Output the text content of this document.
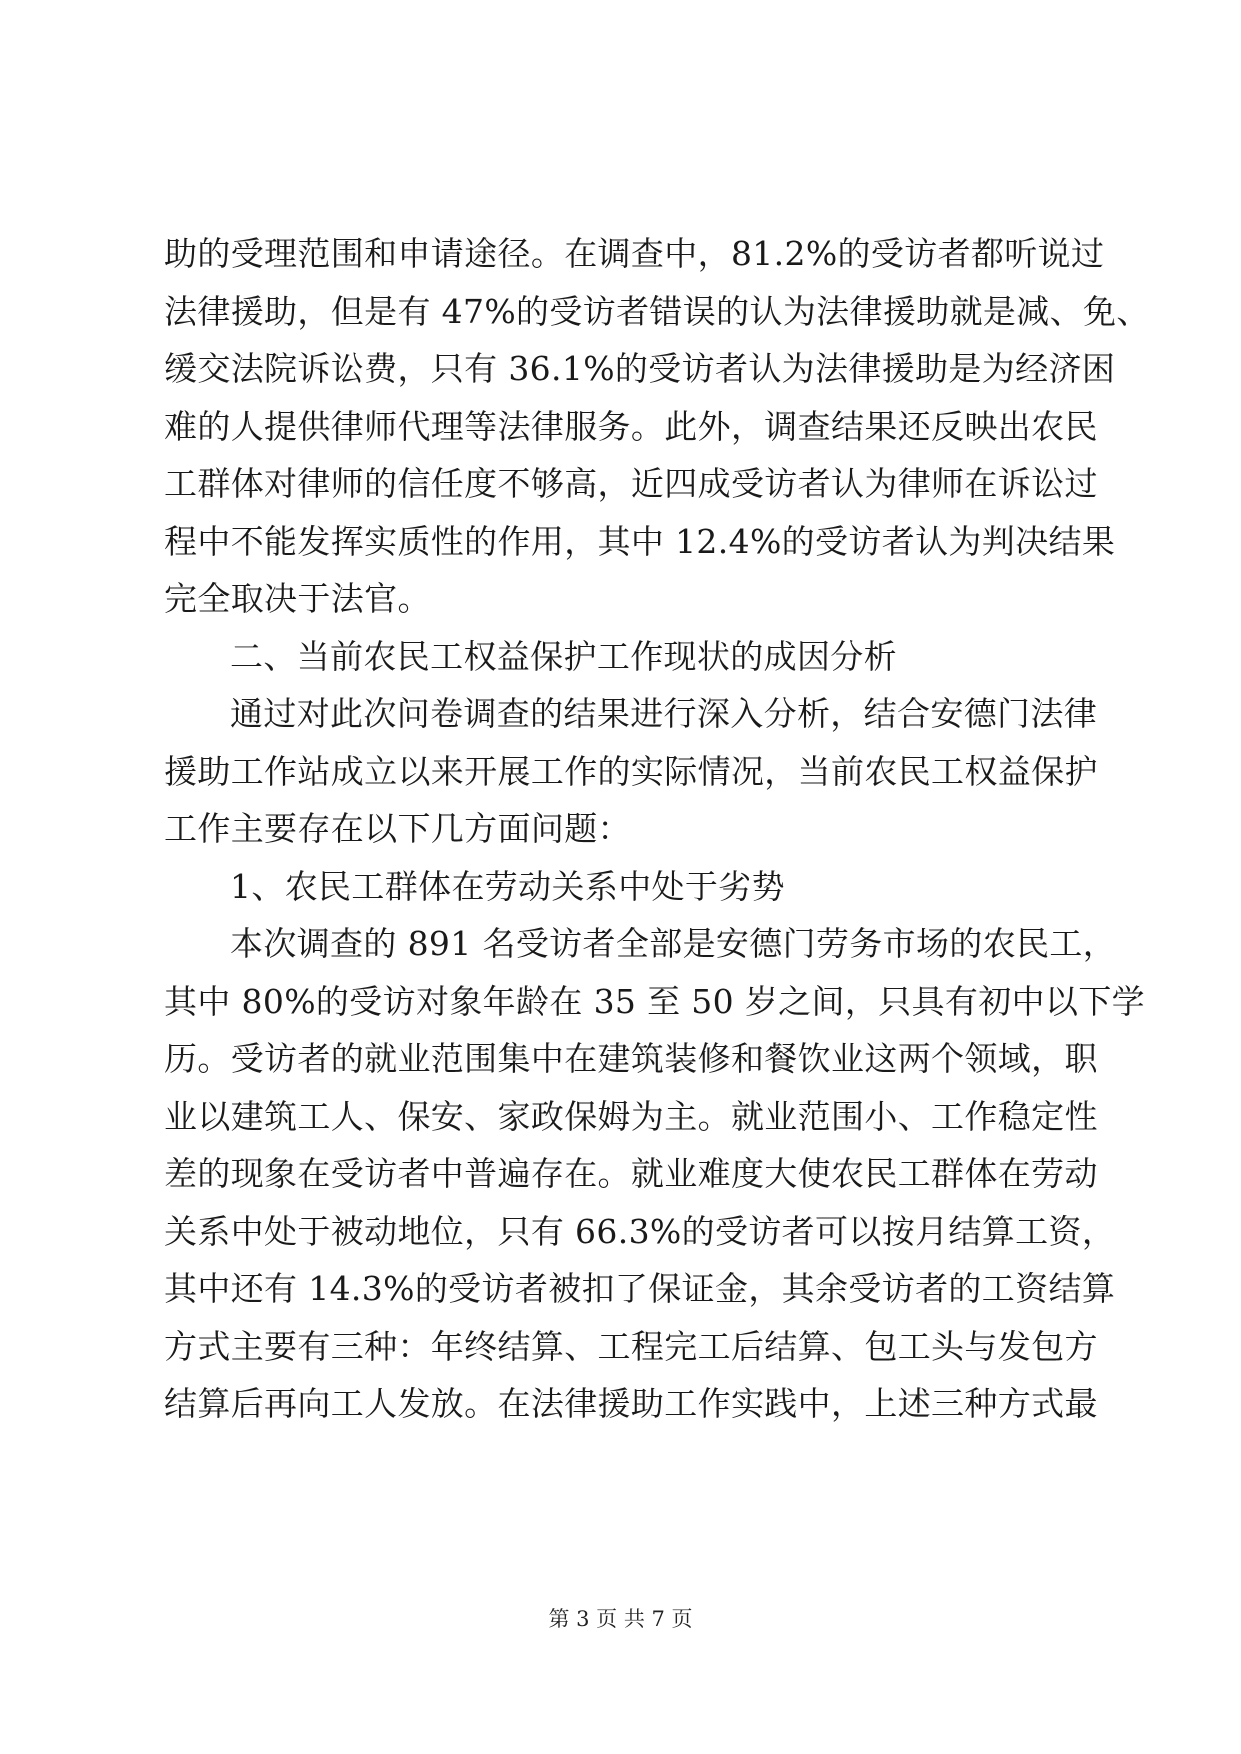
助的受理范围和申请途径。在调查中，81.2%的受访者都听说过
法律援助，但是有 47%的受访者错误的认为法律援助就是减、免、
缓交法院诉讼费，只有 36.1%的受访者认为法律援助是为经济困
难的人提供律师代理等法律服务。此外，调查结果还反映出农民
工群体对律师的信任度不够高，近四成受访者认为律师在诉讼过
程中不能发挥实质性的作用，其中 12.4%的受访者认为判决结果
完全取决于法官。
二、当前农民工权益保护工作现状的成因分析
通过对此次问卷调查的结果进行深入分析，结合安德门法律
援助工作站成立以来开展工作的实际情况，当前农民工权益保护
工作主要存在以下几方面问题：
1、农民工群体在劳动关系中处于劣势
本次调查的 891 名受访者全部是安德门劳务市场的农民工，
其中 80%的受访对象年龄在 35 至 50 岁之间，只具有初中以下学
历。受访者的就业范围集中在建筑装修和餐饮业这两个领域，职
业以建筑工人、保安、家政保姆为主。就业范围小、工作稳定性
差的现象在受访者中普遍存在。就业难度大使农民工群体在劳动
关系中处于被动地位，只有 66.3%的受访者可以按月结算工资，
其中还有 14.3%的受访者被扣了保证金，其余受访者的工资结算
方式主要有三种：年终结算、工程完工后结算、包工头与发包方
结算后再向工人发放。在法律援助工作实践中，上述三种方式最
第 3 页 共 7 页
